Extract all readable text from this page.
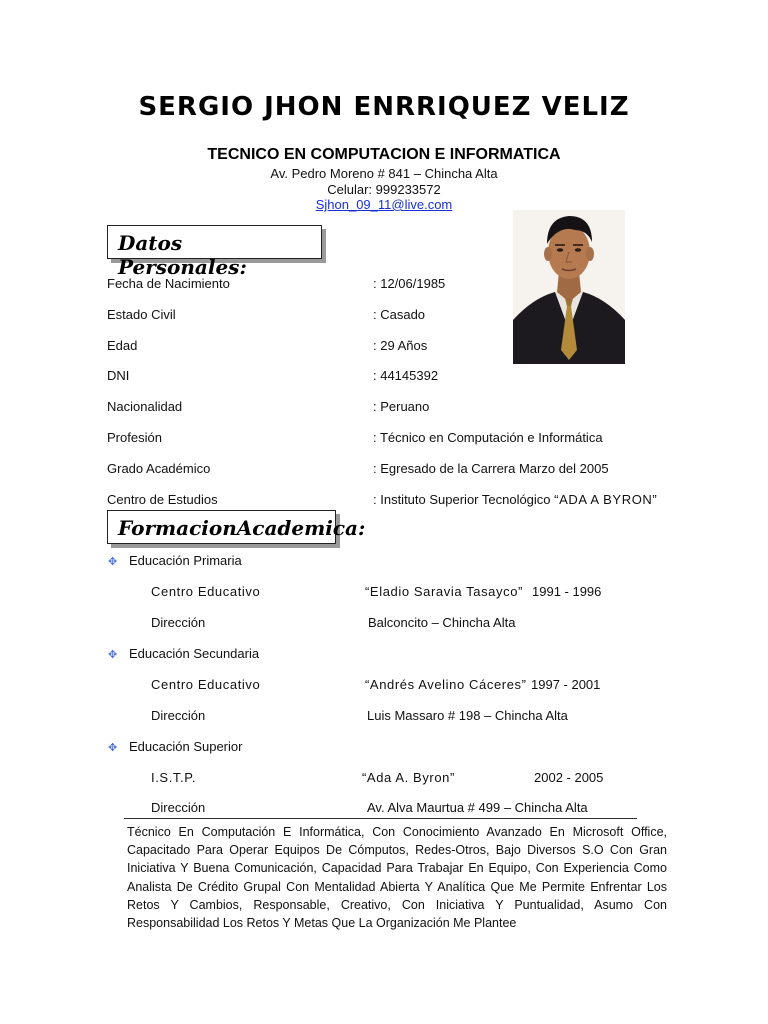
SERGIO JHON ENRRIQUEZ VELIZ
TECNICO EN COMPUTACION E INFORMATICA
Av. Pedro Moreno # 841 – Chincha Alta
Celular: 999233572
Sjhon_09_11@live.com
Datos Personales:
Fecha de Nacimiento	: 12/06/1985
Estado Civil	: Casado
Edad	: 29 Años
DNI	: 44145392
Nacionalidad	: Peruano
Profesión	: Técnico en Computación e Informática
Grado Académico	: Egresado de la Carrera Marzo del 2005
Centro de Estudios	: Instituto Superior Tecnológico “ADA A BYRON”
FormacionAcademica:
✥ Educación Primaria
Centro Educativo	“Eladio Saravia Tasayco” 1991 - 1996
Dirección	Balconcito – Chincha Alta
✥ Educación Secundaria
Centro Educativo	“Andrés Avelino Cáceres” 1997 - 2001
Dirección	Luis Massaro # 198 – Chincha Alta
✥ Educación Superior
I.S.T.P.	“Ada A. Byron”	2002 - 2005
Dirección	Av. Alva Maurtua # 499 – Chincha Alta
Técnico En Computación E Informática, Con Conocimiento Avanzado En Microsoft Office, Capacitado Para Operar Equipos De Cómputos, Redes-Otros, Bajo Diversos S.O Con Gran Iniciativa Y Buena Comunicación, Capacidad Para Trabajar En Equipo, Con Experiencia Como Analista De Crédito Grupal Con Mentalidad Abierta Y Analítica Que Me Permite Enfrentar Los Retos Y Cambios, Responsable, Creativo, Con Iniciativa Y Puntualidad, Asumo Con Responsabilidad Los Retos Y Metas Que La Organización Me Plantee
